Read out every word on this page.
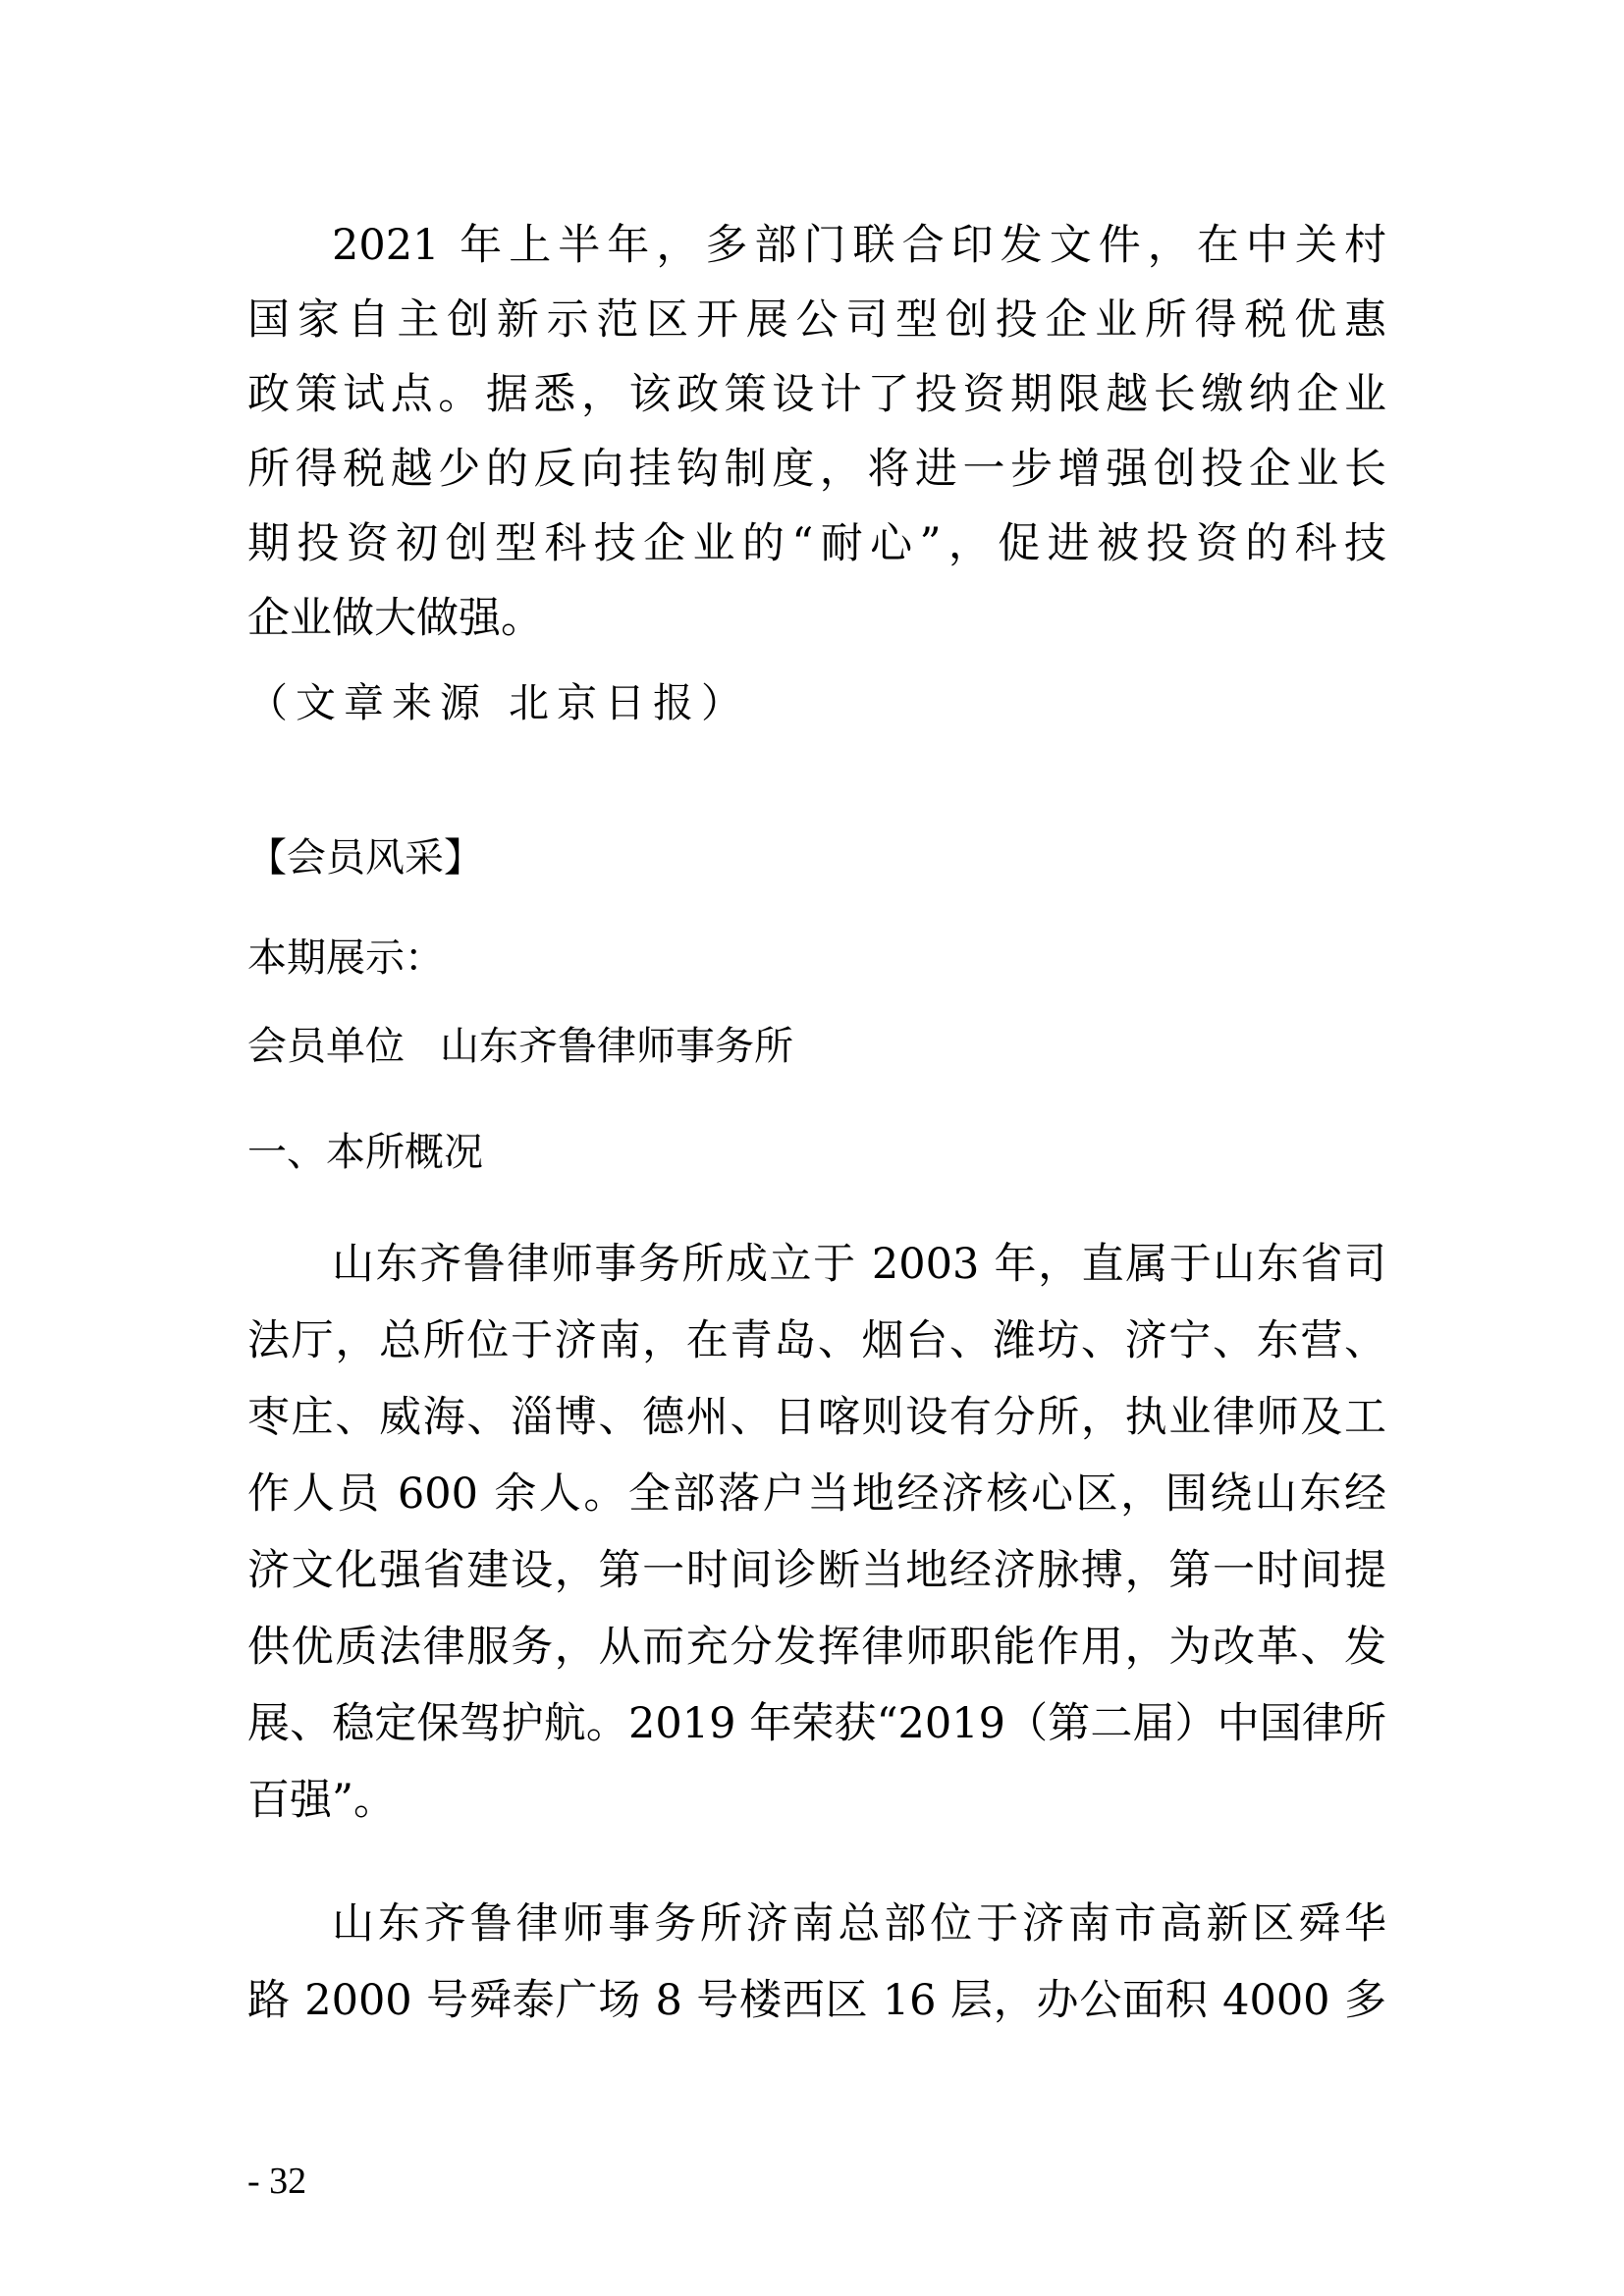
2021 年上半年，多部门联合印发文件，在中关村
国家自主创新示范区开展公司型创投企业所得税优惠
政策试点。据悉，该政策设计了投资期限越长缴纳企业
所得税越少的反向挂钩制度，将进一步增强创投企业长
期投资初创型科技企业的“耐心”，促进被投资的科技
企业做大做强。
（文章来源 北京日报）
【会员风采】
本期展示：
会员单位 山东齐鲁律师事务所
一、本所概况
山东齐鲁律师事务所成立于 2003 年，直属于山东省司
法厅，总所位于济南，在青岛、烟台、潍坊、济宁、东营、
枣庄、威海、淄博、德州、日喀则设有分所，执业律师及工
作人员 600 余人。全部落户当地经济核心区，围绕山东经
济文化强省建设，第一时间诊断当地经济脉搏，第一时间提
供优质法律服务，从而充分发挥律师职能作用，为改革、发
展、稳定保驾护航。2019 年荣获“2019（第二届）中国律所
百强”。
山东齐鲁律师事务所济南总部位于济南市高新区舜华
路 2000 号舜泰广场 8 号楼西区 16 层，办公面积 4000 多
- 32
